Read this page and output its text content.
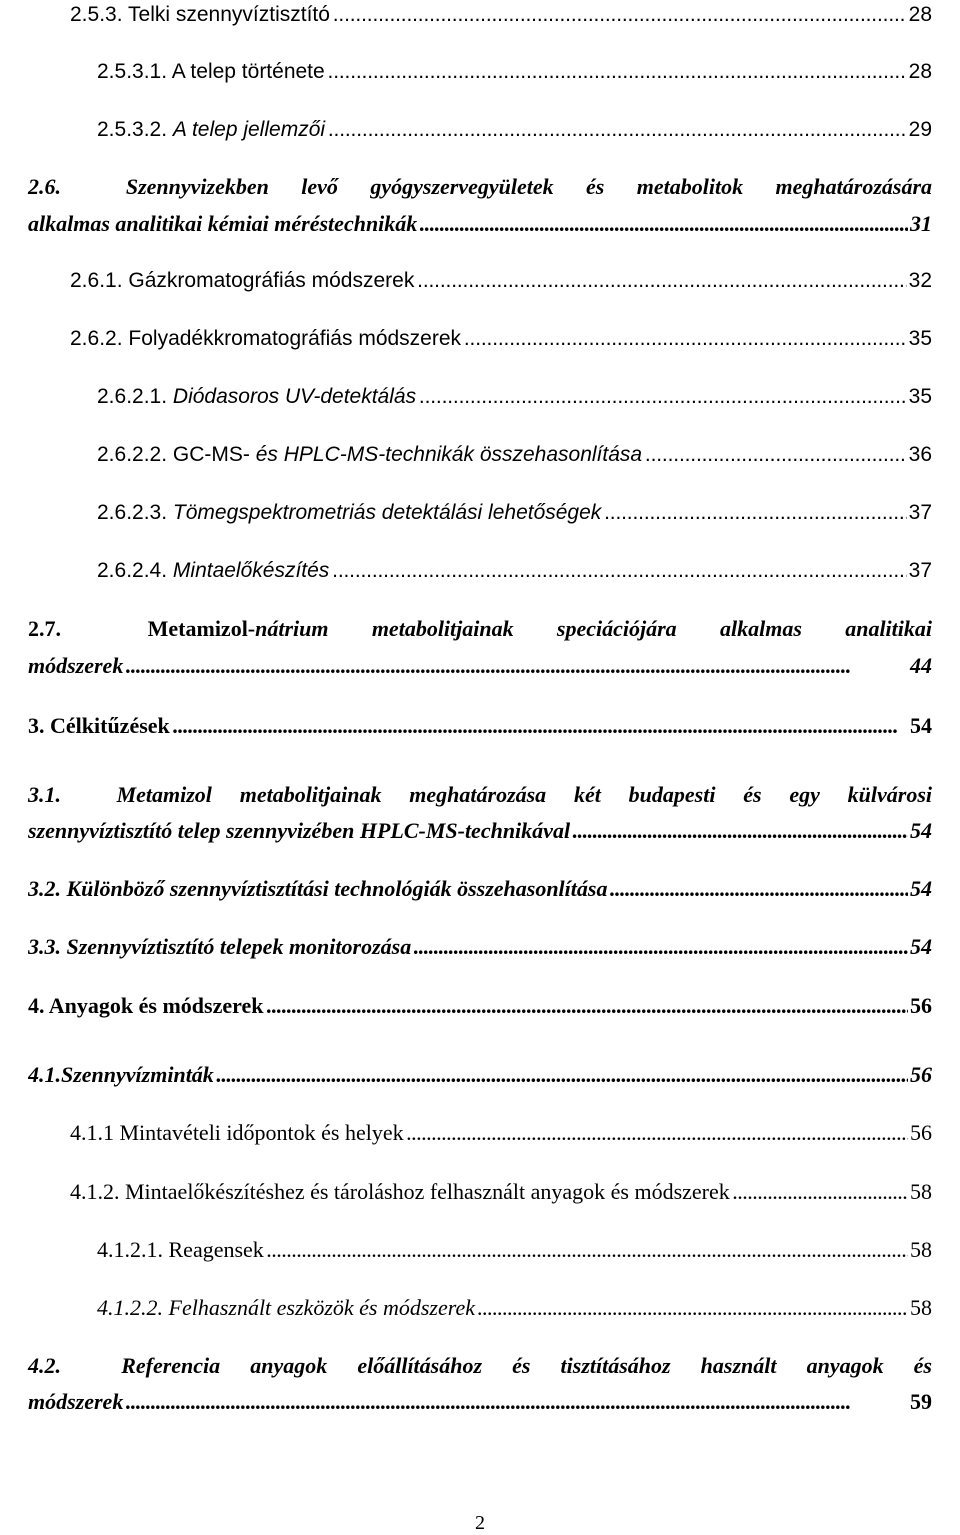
2.5.3. Telki szennyvíztisztító . . .	28
2.5.3.1. A telep története . . .	28
2.5.3.2. A telep jellemzői . . .	29
2.6.	Szennyvizekben levő gyógyszervegyületek és metabolitok meghatározására
alkalmas analitikai kémiai méréstechnikák . . .	31
2.6.1. Gázkromatográfiás módszerek . . .	32
2.6.2. Folyadékkromatográfiás módszerek . . .	35
2.6.2.1. Diódasoros UV-detektálás . . .	35
2.6.2.2. GC-MS- és HPLC-MS-technikák összehasonlítása . . .	36
2.6.2.3. Tömegspektrometriás detektálási lehetőségek . . .	37
2.6.2.4. Mintaelőkészítés . . .	37
2.7.	Metamizol-nátrium metabolitjainak speciációjára alkalmas analitikai
módszerek . . .	44
3. Célkitűzések . . .	54
3.1.	Metamizol metabolitjainak meghatározása két budapesti és egy külvárosi
szennyvíztisztító telep szennyvizében HPLC-MS-technikával . . .	54
3.2. Különböző szennyvíztisztítási technológiák összehasonlítása . . .	54
3.3. Szennyvíztisztító telepek monitorozása . . .	54
4. Anyagok és módszerek . . .	56
4.1.Szennyvízminták . . .	56
4.1.1 Mintavételi időpontok és helyek . . .	56
4.1.2. Mintaelőkészítéshez és tároláshoz felhasznált anyagok és módszerek . . .	58
4.1.2.1. Reagensek . . .	58
4.1.2.2. Felhasznált eszközök és módszerek . . .	58
4.2.	Referencia anyagok előállításához és tisztításához használt anyagok és
módszerek . . .	59
2
